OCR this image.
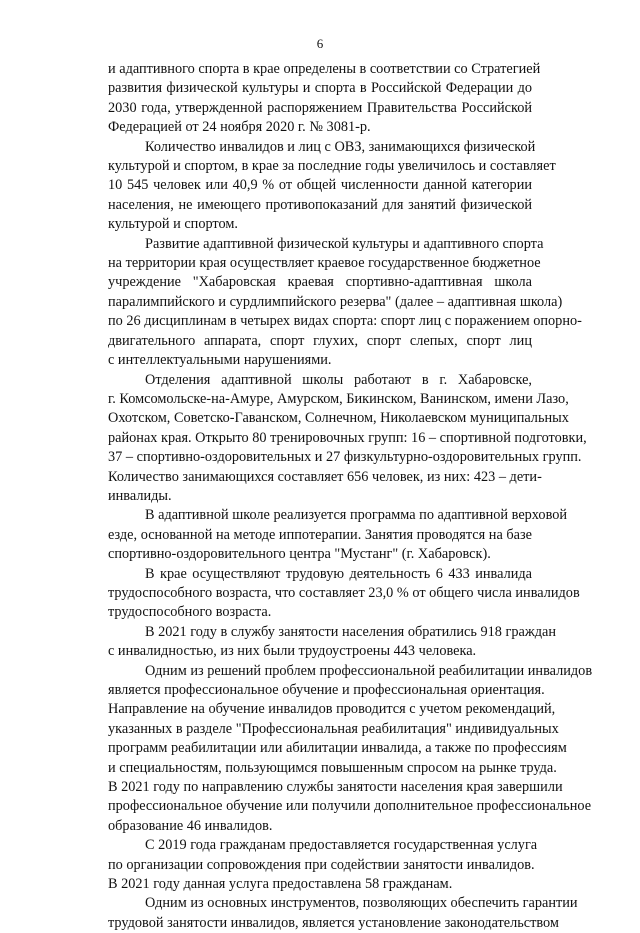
6
и адаптивного спорта в крае определены в соответствии со Стратегией
развития физической культуры и спорта в Российской Федерации до
2030 года, утвержденной распоряжением Правительства Российской
Федерацией от 24 ноября 2020 г. № 3081-р.
Количество инвалидов и лиц с ОВЗ, занимающихся физической
культурой и спортом, в крае за последние годы увеличилось и составляет
10 545 человек или 40,9 % от общей численности данной категории
населения, не имеющего противопоказаний для занятий физической
культурой и спортом.
Развитие адаптивной физической культуры и адаптивного спорта
на территории края осуществляет краевое государственное бюджетное
учреждение "Хабаровская краевая спортивно-адаптивная школа
паралимпийского и сурдлимпийского резерва" (далее – адаптивная школа)
по 26 дисциплинам в четырех видах спорта: спорт лиц с поражением опорно-
двигательного аппарата, спорт глухих, спорт слепых, спорт лиц
с интеллектуальными нарушениями.
Отделения адаптивной школы работают в г. Хабаровске,
г. Комсомольске-на-Амуре, Амурском, Бикинском, Ванинском, имени Лазо,
Охотском, Советско-Гаванском, Солнечном, Николаевском муниципальных
районах края. Открыто 80 тренировочных групп: 16 – спортивной подготовки,
37 – спортивно-оздоровительных и 27 физкультурно-оздоровительных групп.
Количество занимающихся составляет 656 человек, из них: 423 – дети-
инвалиды.
В адаптивной школе реализуется программа по адаптивной верховой
езде, основанной на методе иппотерапии. Занятия проводятся на базе
спортивно-оздоровительного центра "Мустанг" (г. Хабаровск).
В крае осуществляют трудовую деятельность 6 433 инвалида
трудоспособного возраста, что составляет 23,0 % от общего числа инвалидов
трудоспособного возраста.
В 2021 году в службу занятости населения обратились 918 граждан
с инвалидностью, из них были трудоустроены 443 человека.
Одним из решений проблем профессиональной реабилитации инвалидов
является профессиональное обучение и профессиональная ориентация.
Направление на обучение инвалидов проводится с учетом рекомендаций,
указанных в разделе "Профессиональная реабилитация" индивидуальных
программ реабилитации или абилитации инвалида, а также по профессиям
и специальностям, пользующимся повышенным спросом на рынке труда.
В 2021 году по направлению службы занятости населения края завершили
профессиональное обучение или получили дополнительное профессиональное
образование 46 инвалидов.
С 2019 года гражданам предоставляется государственная услуга
по организации сопровождения при содействии занятости инвалидов.
В 2021 году данная услуга предоставлена 58 гражданам.
Одним из основных инструментов, позволяющих обеспечить гарантии
трудовой занятости инвалидов, является установление законодательством
